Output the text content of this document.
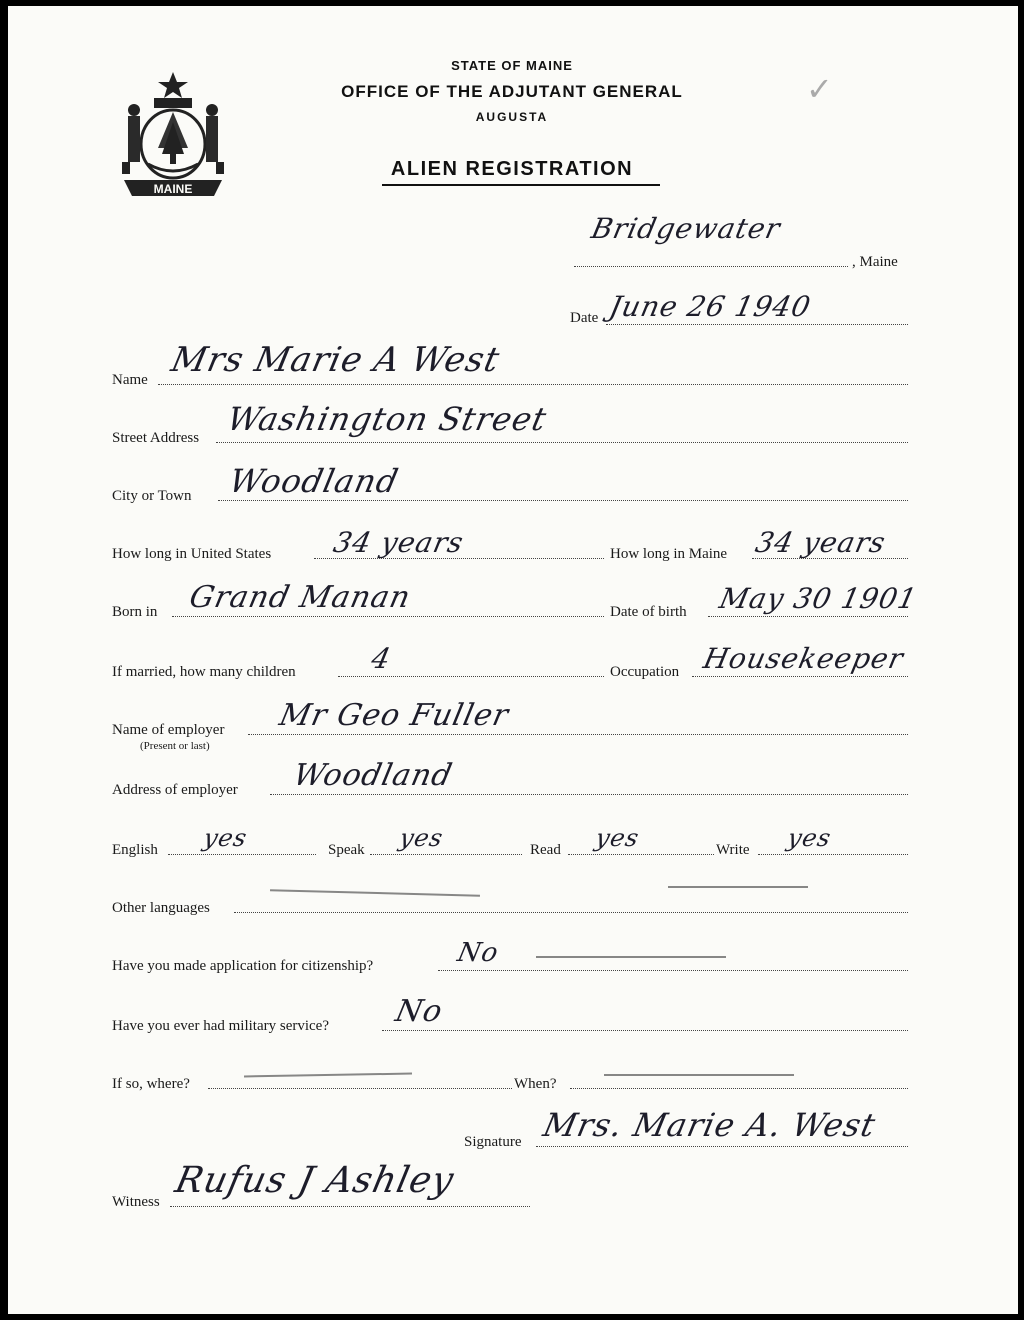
MAINE
STATE OF MAINE
OFFICE OF THE ADJUTANT GENERAL
AUGUSTA
ALIEN REGISTRATION
✓
Bridgewater
, Maine
Date June 26 1940
Name Mrs Marie A West
Street Address Washington Street
City or Town Woodland
How long in United States 34 years	How long in Maine 34 years
Born in Grand Manan	Date of birth May 30 1901
If married, how many children	4	Occupation Housekeeper
Name of employer
(Present or last)
Mr Geo Fuller
Address of employer Woodland
English yes	Speak yes	Read yes	Write yes
Other languages
Have you made application for citizenship?	No
Have you ever had military service? No
If so, where?	When?
Signature Mrs. Marie A. West
Witness
Rufus J Ashley
